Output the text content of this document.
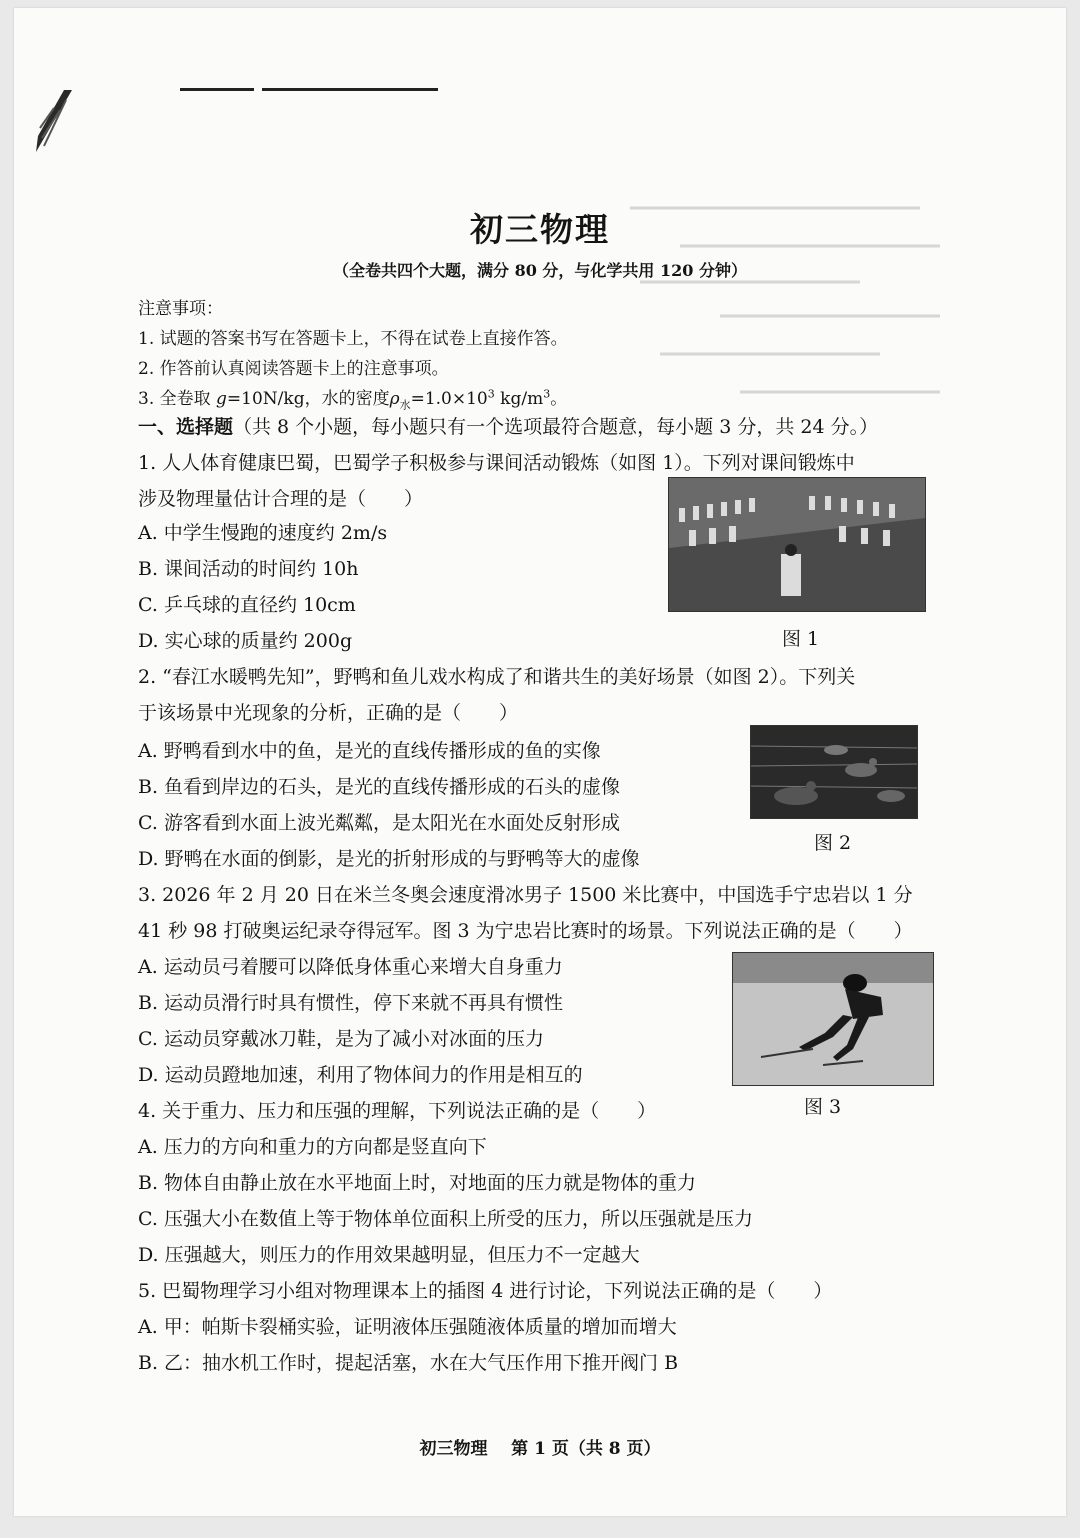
初三物理
（全卷共四个大题，满分 80 分，与化学共用 120 分钟）
注意事项：
1. 试题的答案书写在答题卡上，不得在试卷上直接作答。
2. 作答前认真阅读答题卡上的注意事项。
3. 全卷取 g=10N/kg，水的密度$\rho_水=1.0\times 10^3$ $kg/m^3$。
一、选择题（共 8 个小题，每小题只有一个选项最符合题意，每小题 3 分，共 24 分。）
1. 人人体育健康巴蜀，巴蜀学子积极参与课间活动锻炼（如图 1）。下列对课间锻炼中
涉及物理量估计合理的是（　　）
A. 中学生慢跑的速度约 2m/s
B. 课间活动的时间约 10h
C. 乒乓球的直径约 10cm
D. 实心球的质量约 200g	图 1
2. “春江水暖鸭先知”，野鸭和鱼儿戏水构成了和谐共生的美好场景（如图 2）。下列关
于该场景中光现象的分析，正确的是（　　）
A. 野鸭看到水中的鱼，是光的直线传播形成的鱼的实像
B. 鱼看到岸边的石头，是光的直线传播形成的石头的虚像
C. 游客看到水面上波光粼粼，是太阳光在水面处反射形成
D. 野鸭在水面的倒影，是光的折射形成的与野鸭等大的虚像
图 2
3. 2026 年 2 月 20 日在米兰冬奥会速度滑冰男子 1500 米比赛中，中国选手宁忠岩以 1 分
41 秒 98 打破奥运纪录夺得冠军。图 3 为宁忠岩比赛时的场景。下列说法正确的是（　　）
A. 运动员弓着腰可以降低身体重心来增大自身重力
B. 运动员滑行时具有惯性，停下来就不再具有惯性
C. 运动员穿戴冰刀鞋，是为了减小对冰面的压力
D. 运动员蹬地加速，利用了物体间力的作用是相互的
图 3
4. 关于重力、压力和压强的理解，下列说法正确的是（　　）
A. 压力的方向和重力的方向都是竖直向下
B. 物体自由静止放在水平地面上时，对地面的压力就是物体的重力
C. 压强大小在数值上等于物体单位面积上所受的压力，所以压强就是压力
D. 压强越大，则压力的作用效果越明显，但压力不一定越大
5. 巴蜀物理学习小组对物理课本上的插图 4 进行讨论，下列说法正确的是（　　）
A. 甲：帕斯卡裂桶实验，证明液体压强随液体质量的增加而增大
B. 乙：抽水机工作时，提起活塞，水在大气压作用下推开阀门 B
初三物理 第 1 页（共 8 页）
